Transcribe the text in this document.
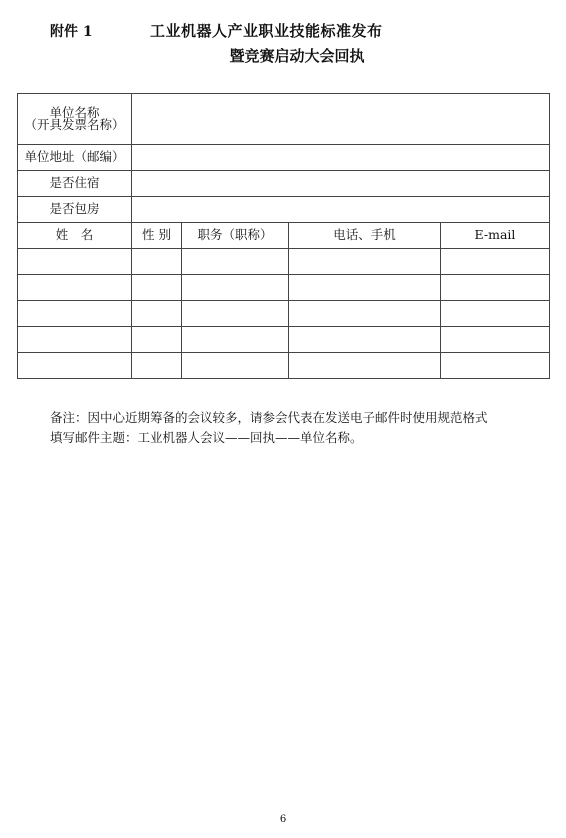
附件 1	工业机器人产业职业技能标准发布
暨竞赛启动大会回执
单位名称
（开具发票名称）				

单位地址（邮编）				
是否住宿				
是否包房				
姓　名	性 别	职务（职称）	电话、手机	E-mail

备注：因中心近期筹备的会议较多，请参会代表在发送电子邮件时使用规范格式
填写邮件主题：工业机器人会议——回执——单位名称。
6
